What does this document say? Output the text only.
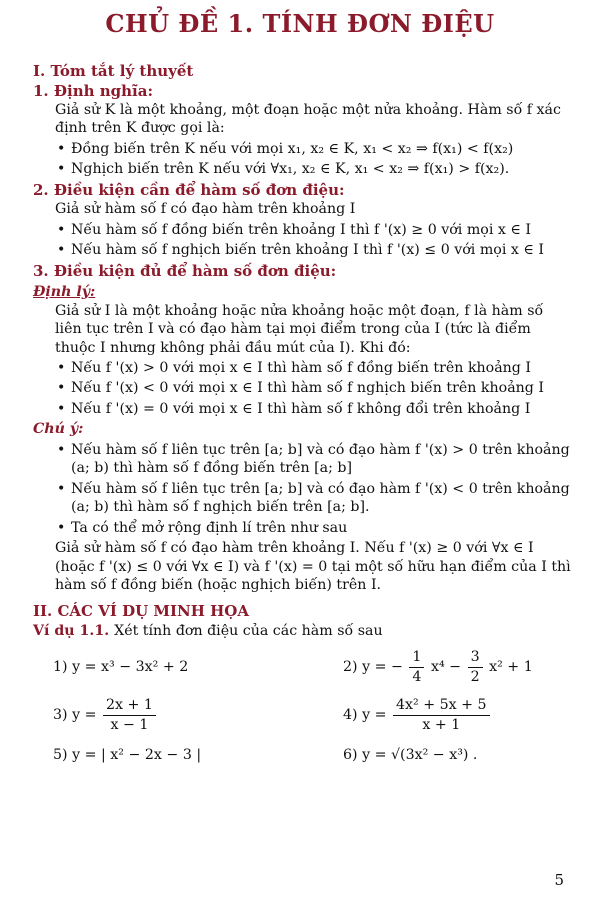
CHỦ ĐỀ 1. TÍNH ĐƠN ĐIỆU

I. Tóm tắt lý thuyết

1. Định nghĩa:

Giả sử K là một khoảng, một đoạn hoặc một nửa khoảng. Hàm số f xác định trên K được gọi là:

• Đồng biến trên K nếu với mọi x₁, x₂ ∈ K, x₁ < x₂ ⇒ f(x₁) < f(x₂)
• Nghịch biến trên K nếu với ∀x₁, x₂ ∈ K, x₁ < x₂ ⇒ f(x₁) > f(x₂).

2. Điều kiện cần để hàm số đơn điệu:

Giả sử hàm số f có đạo hàm trên khoảng I

• Nếu hàm số f đồng biến trên khoảng I thì f '(x) ≥ 0 với mọi x ∈ I
• Nếu hàm số f nghịch biến trên khoảng I thì f '(x) ≤ 0 với mọi x ∈ I

3. Điều kiện đủ để hàm số đơn điệu:

Định lý:

Giả sử I là một khoảng hoặc nửa khoảng hoặc một đoạn, f là hàm số liên tục trên I và có đạo hàm tại mọi điểm trong của I (tức là điểm thuộc I nhưng không phải đầu mút của I). Khi đó:

• Nếu f '(x) > 0 với mọi x ∈ I thì hàm số f đồng biến trên khoảng I
• Nếu f '(x) < 0 với mọi x ∈ I thì hàm số f nghịch biến trên khoảng I
• Nếu f '(x) = 0 với mọi x ∈ I thì hàm số f không đổi trên khoảng I

Chú ý:

• Nếu hàm số f liên tục trên [a; b] và có đạo hàm f '(x) > 0 trên khoảng (a; b) thì hàm số f đồng biến trên [a; b]
• Nếu hàm số f liên tục trên [a; b] và có đạo hàm f '(x) < 0 trên khoảng (a; b) thì hàm số f nghịch biến trên [a; b].
• Ta có thể mở rộng định lí trên như sau

Giả sử hàm số f có đạo hàm trên khoảng I. Nếu f '(x) ≥ 0 với ∀x ∈ I (hoặc f '(x) ≤ 0 với ∀x ∈ I) và f '(x) = 0 tại một số hữu hạn điểm của I thì hàm số f đồng biến (hoặc nghịch biến) trên I.

II. CÁC VÍ DỤ MINH HỌA

Ví dụ 1.1. Xét tính đơn điệu của các hàm số sau

1) y = x³ − 3x² + 2	2) y = − $\frac{1}{4} x^4 - \frac{3}{2} x^2 + 1$
3) $y = \frac{2x + 1}{x - 1}$	4) $y = \frac{\text{4x² + 5x + 5}}{x + 1}$
5) y = | x² − 2x − 3 |	6) y = √(3x² − x³) .
5
